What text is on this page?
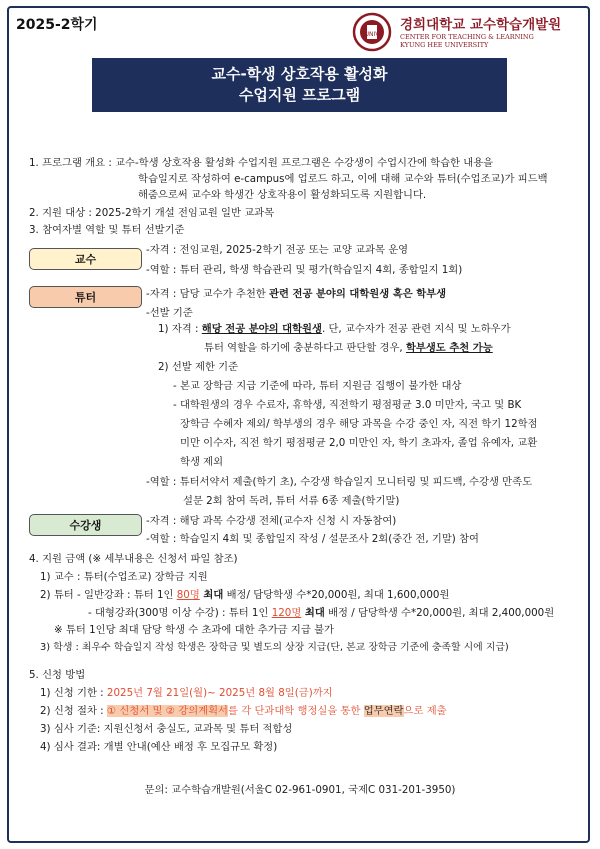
2025-2학기
UNIV
경희대학교 교수학습개발원
CENTER FOR TEACHING & LEARNING
KYUNG HEE UNIVERSITY
교수-학생 상호작용 활성화
수업지원 프로그램
1. 프로그램 개요 : 교수-학생 상호작용 활성화 수업지원 프로그램은 수강생이 수업시간에 학습한 내용을
학습일지로 작성하여 e-campus에 업로드 하고, 이에 대해 교수와 튜터(수업조교)가 피드백
해줌으로써 교수와 학생간 상호작용이 활성화되도록 지원합니다.
2. 지원 대상 : 2025-2학기 개설 전임교원 일반 교과목
3. 참여자별 역할 및 튜터 선발기준
교수
-자격 : 전임교원, 2025-2학기 전공 또는 교양 교과목 운영
-역할 : 튜터 관리, 학생 학습관리 및 평가(학습일지 4회, 종합일지 1회)
튜터	-자격 : 담당 교수가 추천한 관련 전공 분야의 대학원생 혹은 학부생
-선발 기준
1) 자격 : 해당 전공 분야의 대학원생. 단, 교수자가 전공 관련 지식 및 노하우가
튜터 역할을 하기에 충분하다고 판단할 경우, 학부생도 추천 가능
2) 선발 제한 기준
- 본교 장학금 지급 기준에 따라, 튜터 지원금 집행이 불가한 대상
- 대학원생의 경우 수료자, 휴학생, 직전학기 평점평균 3.0 미만자, 국고 및 BK
장학금 수혜자 제외/ 학부생의 경우 해당 과목을 수강 중인 자, 직전 학기 12학점
미만 이수자, 직전 학기 평점평균 2,0 미만인 자, 학기 초과자, 졸업 유예자, 교환
학생 제외
-역할 : 튜터서약서 제출(학기 초), 수강생 학습일지 모니터링 및 피드백, 수강생 만족도
설문 2회 참여 독려, 튜터 서류 6종 제출(학기말)
수강생	-자격 : 해당 과목 수강생 전체(교수자 신청 시 자동참여)
-역할 : 학습일지 4회 및 종합일지 작성 / 설문조사 2회(중간 전, 기말) 참여
4. 지원 금액 (※ 세부내용은 신청서 파일 참조)
1) 교수 : 튜터(수업조교) 장학금 지원
2) 튜터 - 일반강좌 : 튜터 1인 80명 최대 배정/ 담당학생 수*20,000원, 최대 1,600,000원
- 대형강좌(300명 이상 수강) : 튜터 1인 120명 최대 배정 / 담당학생 수*20,000원, 최대 2,400,000원
※ 튜터 1인당 최대 담당 학생 수 초과에 대한 추가금 지급 불가
3) 학생 : 최우수 학습일지 작성 학생은 장학금 및 별도의 상장 지급(단, 본교 장학금 기준에 충족할 시에 지급)
5. 신청 방법
1) 신청 기한 : 2025년 7월 21일(월)~ 2025년 8월 8일(금)까지
2) 신청 절차 : ① 신청서 및 ② 강의계획서를 각 단과대학 행정실을 통한 업무연락으로 제출
3) 심사 기준: 지원신청서 충실도, 교과목 및 튜터 적합성
4) 심사 결과: 개별 안내(예산 배정 후 모집규모 확정)
문의: 교수학습개발원(서울C 02-961-0901, 국제C 031-201-3950)
